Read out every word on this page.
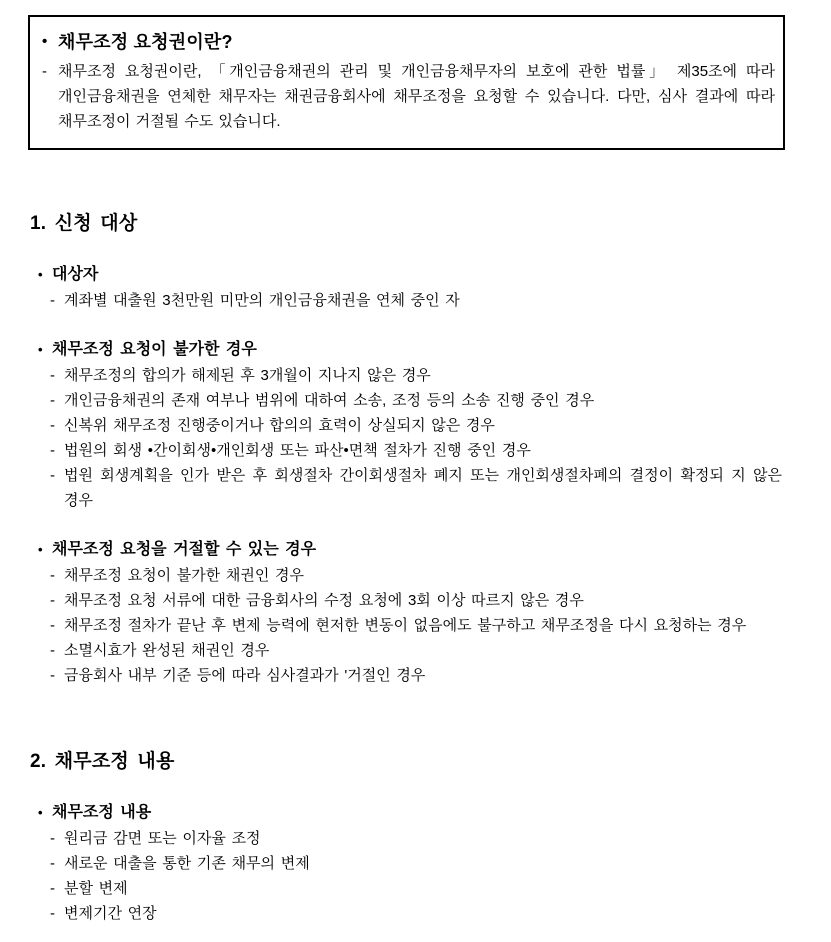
• 채무조정 요청권이란?
- 채무조정 요청권이란, 「개인금융채권의 관리 및 개인금융채무자의 보호에 관한 법률」 제35조에 따라 개인금융채권을 연체한 채무자는 채권금융회사에 채무조정을 요청할 수 있습니다. 다만, 심사 결과에 따라 채무조정이 거절될 수도 있습니다.
1. 신청 대상
• 대상자
- 계좌별 대출원 3천만원 미만의 개인금융채권을 연체 중인 자
• 채무조정 요청이 불가한 경우
- 채무조정의 합의가 해제된 후 3개월이 지나지 않은 경우
- 개인금융채권의 존재 여부나 범위에 대하여 소송, 조정 등의 소송 진행 중인 경우
- 신복위 채무조정 진행중이거나 합의의 효력이 상실되지 않은 경우
- 법원의 회생 •간이회생•개인회생 또는 파산•면책 절차가 진행 중인 경우
- 법원 회생계획을 인가 받은 후 회생절차 간이회생절차 폐지 또는 개인회생절차폐의 결정이 확정되 지 않은 경우
• 채무조정 요청을 거절할 수 있는 경우
- 채무조정 요청이 불가한 채권인 경우
- 채무조정 요청 서류에 대한 금융회사의 수정 요청에 3회 이상 따르지 않은 경우
- 채무조정 절차가 끝난 후 변제 능력에 현저한 변동이 없음에도 불구하고 채무조정을 다시 요청하는 경우
- 소멸시효가 완성된 채권인 경우
- 금융회사 내부 기준 등에 따라 심사결과가 '거절인 경우
2. 채무조정 내용
• 채무조정 내용
- 원리금 감면 또는 이자율 조정
- 새로운 대출을 통한 기존 채무의 변제
- 분할 변제
- 변제기간 연장
